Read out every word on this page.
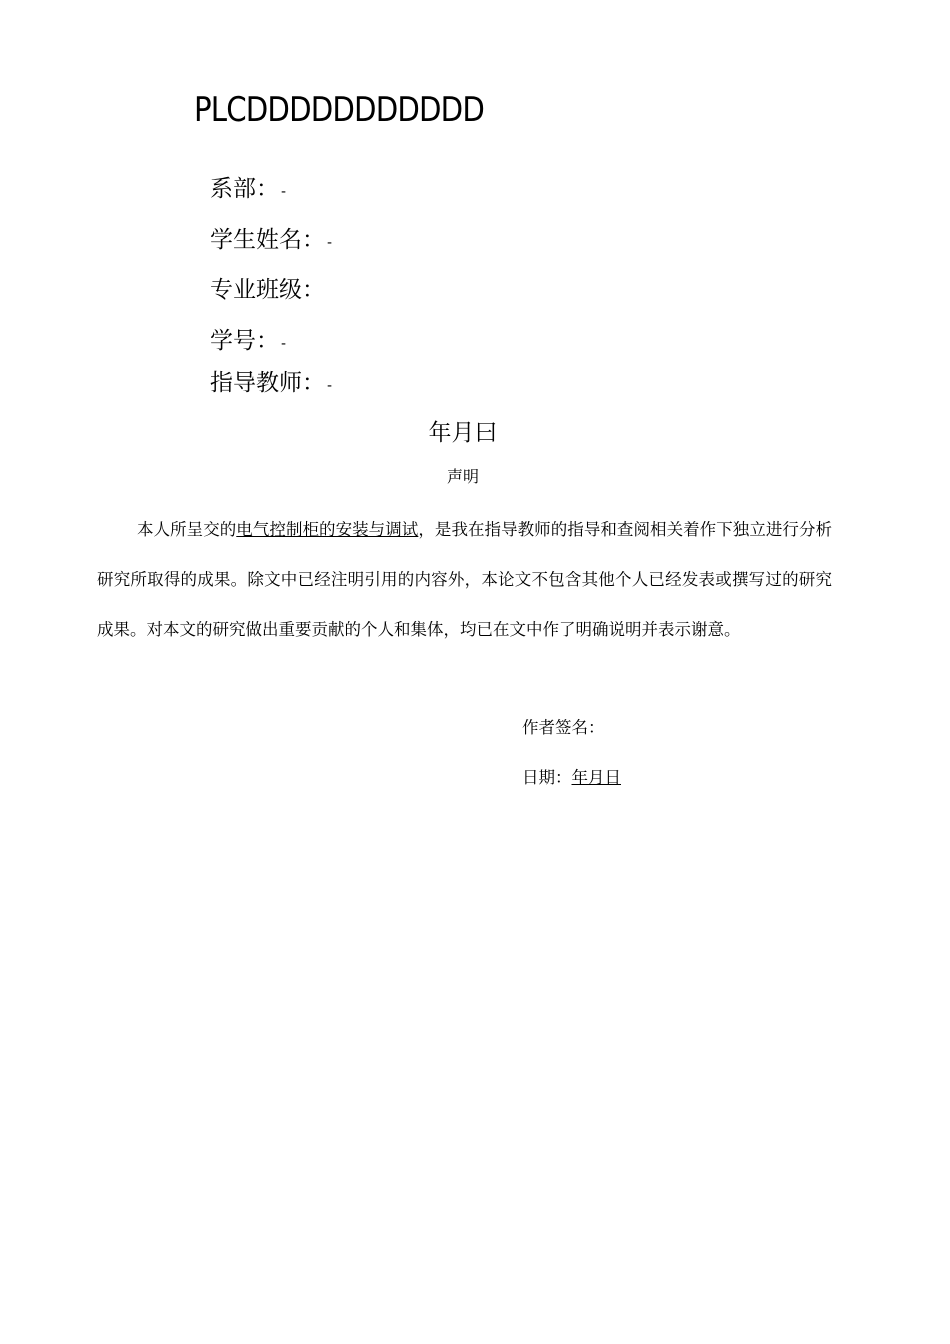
PLCDDDDDDDDDDD
系部： -
学生姓名： -
专业班级：
学号： -
指导教师： -
年月曰
声明
本人所呈交的电气控制柜的安装与调试，是我在指导教师的指导和查阅相关着作下独立进行分析研究所取得的成果。除文中已经注明引用的内容外，本论文不包含其他个人已经发表或撰写过的研究成果。对本文的研究做出重要贡献的个人和集体，均已在文中作了明确说明并表示谢意。
作者签名：
日期：年月日
